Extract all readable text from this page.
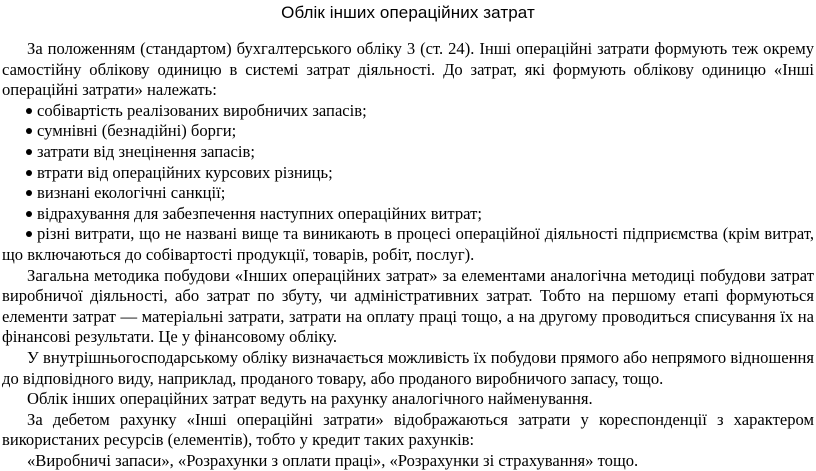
Облік інших операційних затрат

За положенням (стандартом) бухгалтерського обліку 3 (ст. 24). Інші операційні затрати формують теж окрему самостійну облікову одиницю в системі затрат діяльності. До затрат, які формують облікову одиницю «Інші операційні затрати» належать:

собівартість реалізованих виробничих запасів;
сумнівні (безнадійні) борги;
затрати від знецінення запасів;
втрати від операційних курсових різниць;
визнані екологічні санкції;
відрахування для забезпечення наступних операційних витрат;
різні витрати, що не названі вище та виникають в процесі операційної діяльності підприємства (крім витрат, що включаються до собівартості продукції, товарів, робіт, послуг).

Загальна методика побудови «Інших операційних затрат» за елементами аналогічна методиці побудови затрат виробничої діяльності, або затрат по збуту, чи адміністративних затрат. Тобто на першому етапі формуються елементи затрат — матеріальні затрати, затрати на оплату праці тощо, а на другому проводиться списування їх на фінансові результати. Це у фінансовому обліку.

У внутрішньогосподарському обліку визначається можливість їх побудови прямого або непрямого відношення до відповідного виду, наприклад, проданого товару, або проданого виробничого запасу, тощо.

Облік інших операційних затрат ведуть на рахунку аналогічного найменування.

За дебетом рахунку «Інші операційні затрати» відображаються затрати у кореспонденції з характером використаних ресурсів (елементів), тобто у кредит таких рахунків:

«Виробничі запаси», «Розрахунки з оплати праці», «Розрахунки зі страхування» тощо.
